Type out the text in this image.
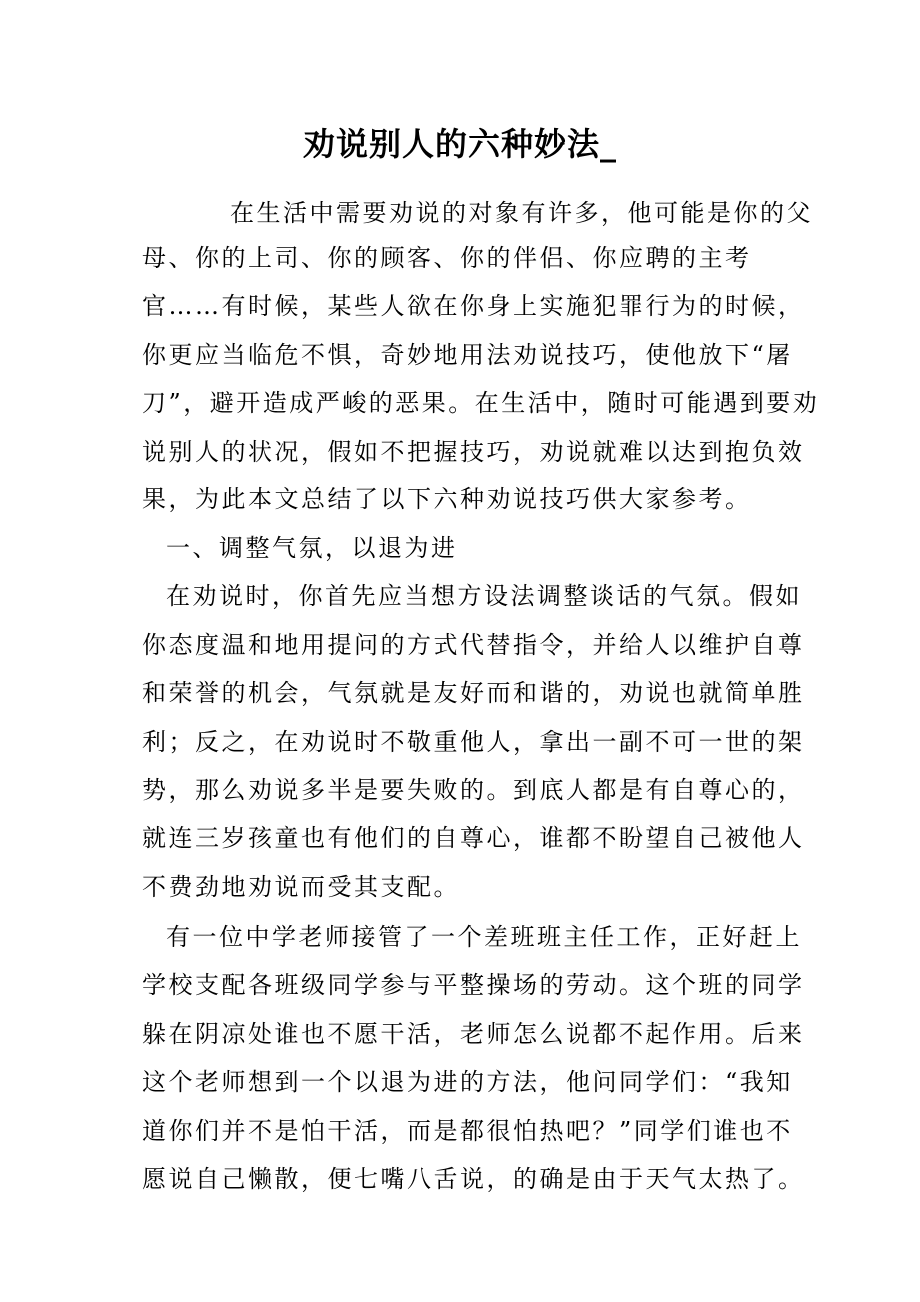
劝说别人的六种妙法_
在生活中需要劝说的对象有许多，他可能是你的父
母、你的上司、你的顾客、你的伴侣、你应聘的主考
官……有时候，某些人欲在你身上实施犯罪行为的时候，
你更应当临危不惧，奇妙地用法劝说技巧，使他放下“屠
刀”，避开造成严峻的恶果。在生活中，随时可能遇到要劝
说别人的状况，假如不把握技巧，劝说就难以达到抱负效
果，为此本文总结了以下六种劝说技巧供大家参考。
一、调整气氛，以退为进
在劝说时，你首先应当想方设法调整谈话的气氛。假如
你态度温和地用提问的方式代替指令，并给人以维护自尊
和荣誉的机会，气氛就是友好而和谐的，劝说也就简单胜
利；反之，在劝说时不敬重他人，拿出一副不可一世的架
势，那么劝说多半是要失败的。到底人都是有自尊心的，
就连三岁孩童也有他们的自尊心，谁都不盼望自己被他人
不费劲地劝说而受其支配。
有一位中学老师接管了一个差班班主任工作，正好赶上
学校支配各班级同学参与平整操场的劳动。这个班的同学
躲在阴凉处谁也不愿干活，老师怎么说都不起作用。后来
这个老师想到一个以退为进的方法，他问同学们：“我知
道你们并不是怕干活，而是都很怕热吧？”同学们谁也不
愿说自己懒散，便七嘴八舌说，的确是由于天气太热了。
